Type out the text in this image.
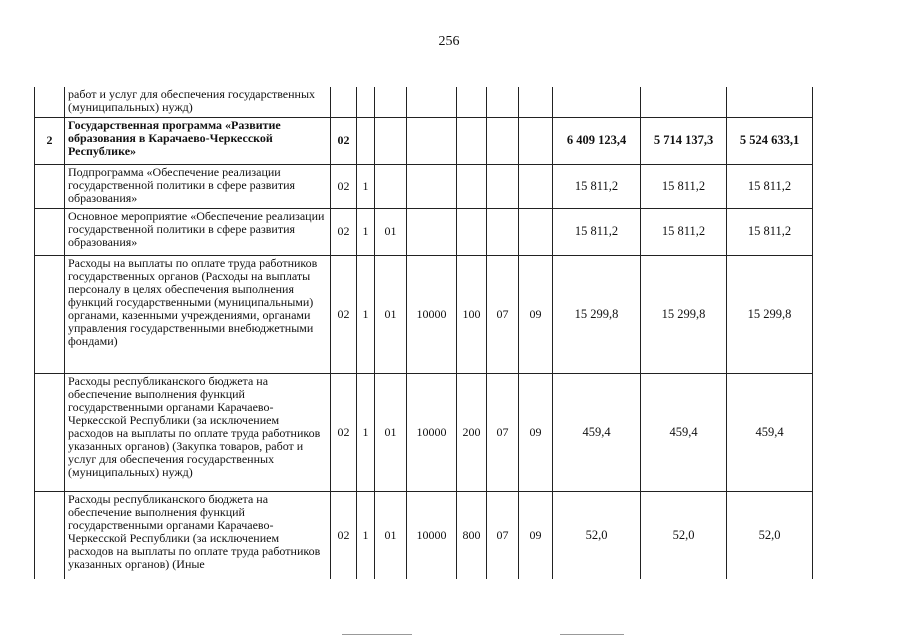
256
	работ и услуг для обеспечения государственных (муниципальных) нужд)										
2	Государственная программа «Развитие образования в Карачаево-Черкесской Республике»	02							6 409 123,4	5 714 137,3	5 524 633,1
	Подпрограмма «Обеспечение реализации государственной политики в сфере развития образования»	02	1						15 811,2	15 811,2	15 811,2
	Основное мероприятие «Обеспечение реализации государственной политики в сфере развития образования»	02	1	01					15 811,2	15 811,2	15 811,2
	Расходы на выплаты по оплате труда работников государственных органов (Расходы на выплаты персоналу в целях обеспечения выполнения функций государственными (муниципальными) органами, казенными учреждениями, органами управления государственными внебюджетными фондами)	02	1	01	10000	100	07	09	15 299,8	15 299,8	15 299,8
	Расходы республиканского бюджета на обеспечение выполнения функций государственными органами Карачаево-Черкесской Республики (за исключением расходов на выплаты по оплате труда работников указанных органов) (Закупка товаров, работ и услуг для обеспечения государственных (муниципальных) нужд)	02	1	01	10000	200	07	09	459,4	459,4	459,4
	Расходы республиканского бюджета на обеспечение выполнения функций государственными органами Карачаево-Черкесской Республики (за исключением расходов на выплаты по оплате труда работников указанных органов) (Иные	02	1	01	10000	800	07	09	52,0	52,0	52,0
